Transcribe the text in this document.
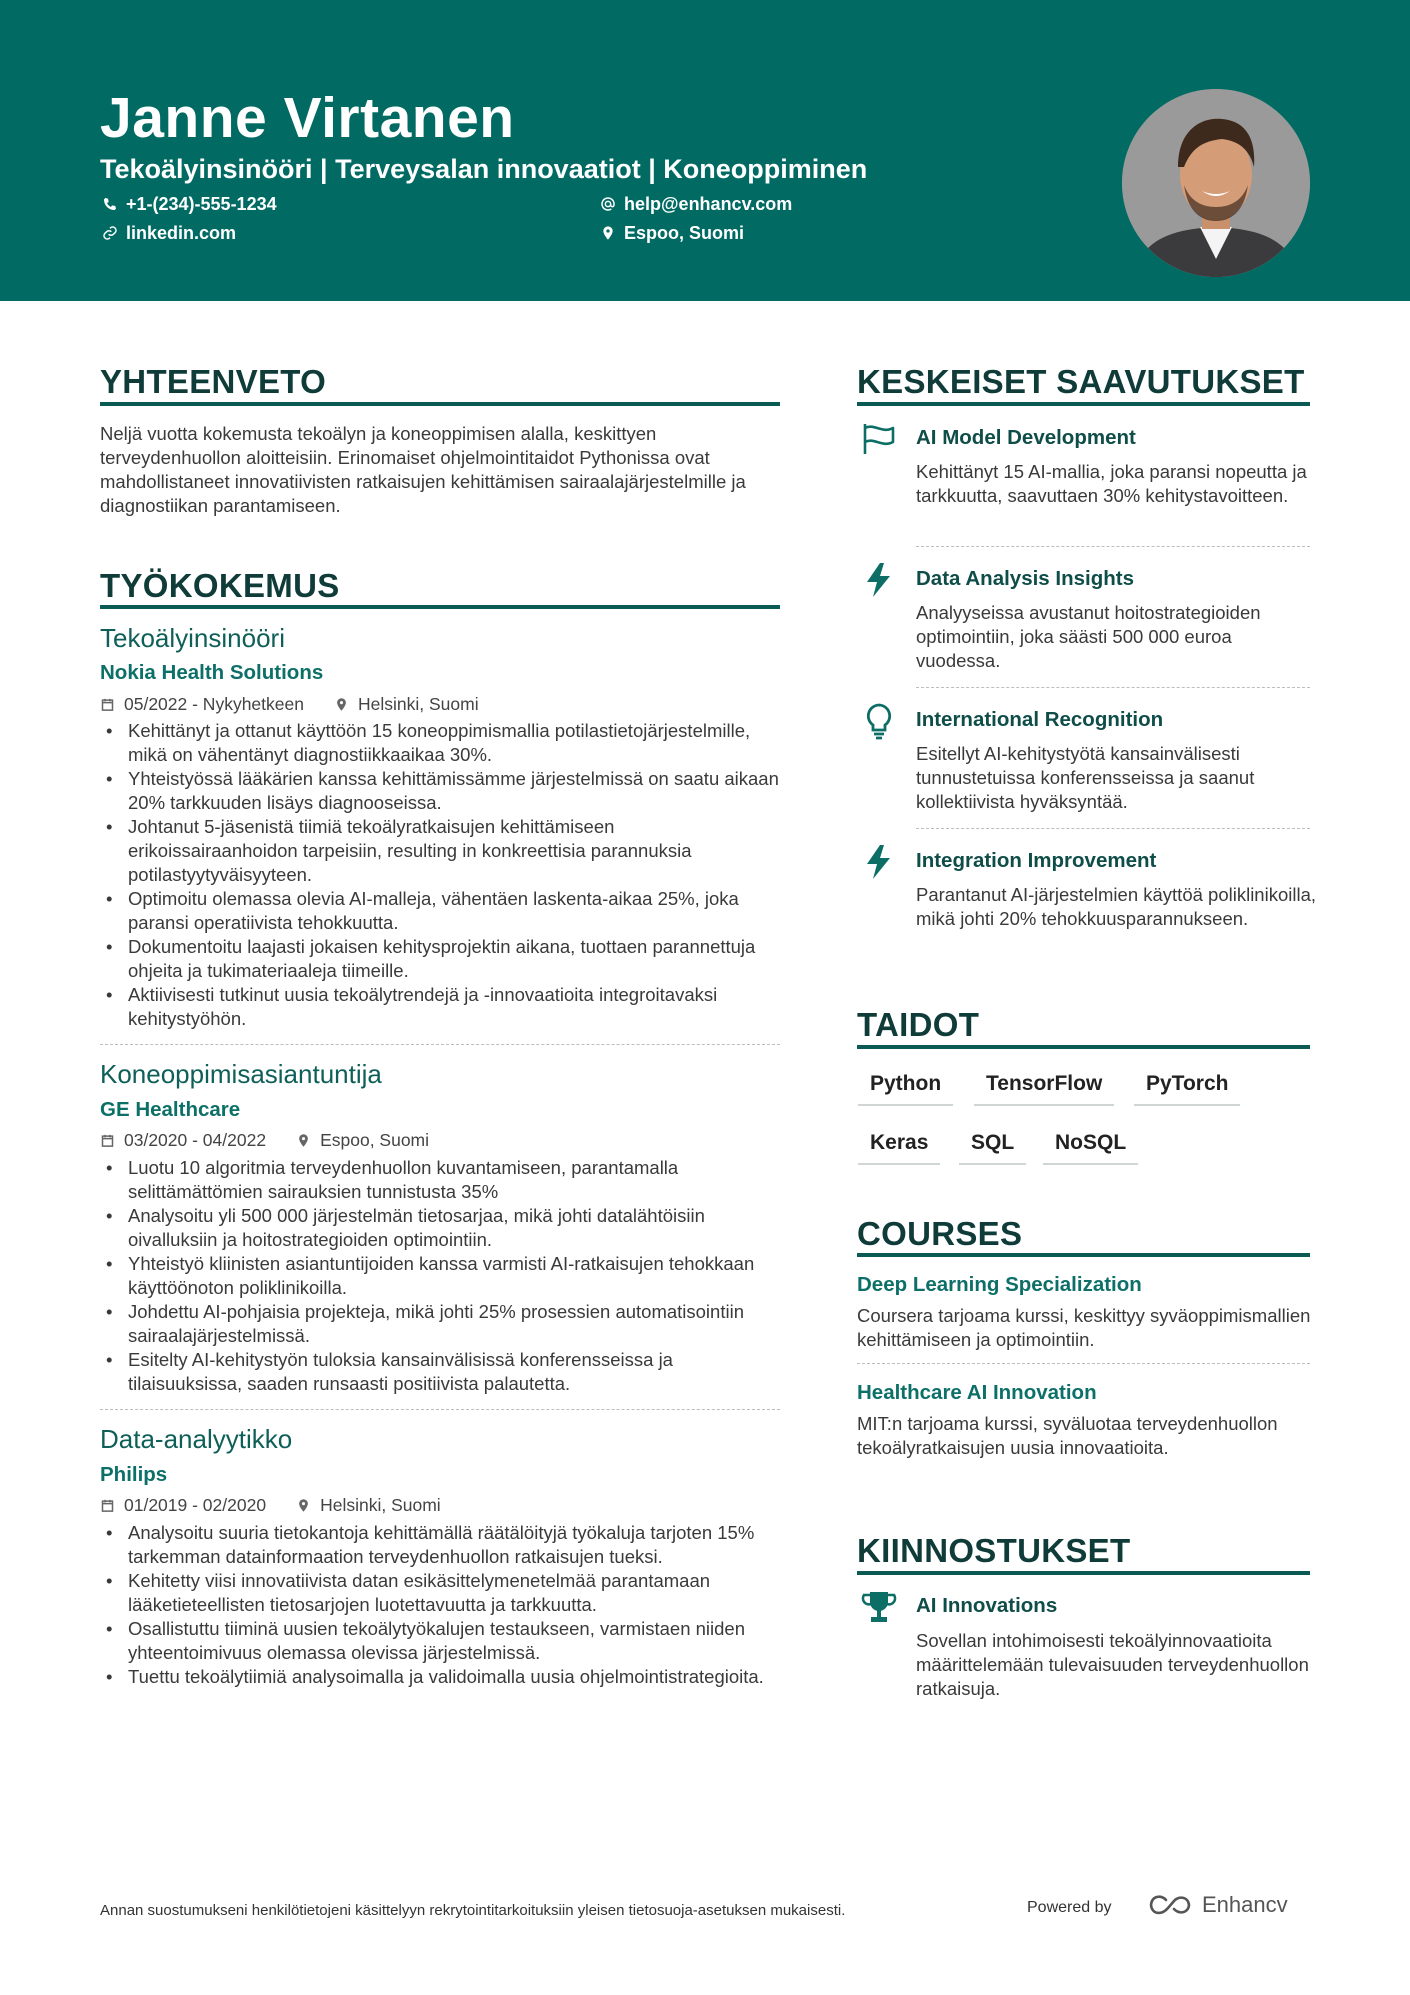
Janne Virtanen
Tekoälyinsinööri | Terveysalan innovaatiot | Koneoppiminen
+1-(234)-555-1234	help@enhancv.com
linkedin.com	Espoo, Suomi
YHTEENVETO
Neljä vuotta kokemusta tekoälyn ja koneoppimisen alalla, keskittyen terveydenhuollon aloitteisiin. Erinomaiset ohjelmointitaidot Pythonissa ovat mahdollistaneet innovatiivisten ratkaisujen kehittämisen sairaalajärjestelmille ja diagnostiikan parantamiseen.
TYÖKOKEMUS
Tekoälyinsinööri
Nokia Health Solutions
05/2022 - Nykyhetkeen	Helsinki, Suomi
• Kehittänyt ja ottanut käyttöön 15 koneoppimismallia potilastietojärjestelmille, mikä on vähentänyt diagnostiikkaaikaa 30%.
• Yhteistyössä lääkärien kanssa kehittämissämme järjestelmissä on saatu aikaan 20% tarkkuuden lisäys diagnooseissa.
• Johtanut 5-jäsenistä tiimiä tekoälyratkaisujen kehittämiseen erikoissairaanhoidon tarpeisiin, resulting in konkreettisia parannuksia potilastyytyväisyyteen.
• Optimoitu olemassa olevia AI-malleja, vähentäen laskenta-aikaa 25%, joka paransi operatiivista tehokkuutta.
• Dokumentoitu laajasti jokaisen kehitysprojektin aikana, tuottaen parannettuja ohjeita ja tukimateriaaleja tiimeille.
• Aktiivisesti tutkinut uusia tekoälytrendejä ja -innovaatioita integroitavaksi kehitystyöhön.
Koneoppimisasiantuntija
GE Healthcare
03/2020 - 04/2022	Espoo, Suomi
• Luotu 10 algoritmia terveydenhuollon kuvantamiseen, parantamalla selittämättömien sairauksien tunnistusta 35%
• Analysoitu yli 500 000 järjestelmän tietosarjaa, mikä johti datalähtöisiin oivalluksiin ja hoitostrategioiden optimointiin.
• Yhteistyö kliinisten asiantuntijoiden kanssa varmisti AI-ratkaisujen tehokkaan käyttöönoton poliklinikoilla.
• Johdettu AI-pohjaisia projekteja, mikä johti 25% prosessien automatisointiin sairaalajärjestelmissä.
• Esitelty AI-kehitystyön tuloksia kansainvälisissä konferensseissa ja tilaisuuksissa, saaden runsaasti positiivista palautetta.
Data-analyytikko
Philips
01/2019 - 02/2020	Helsinki, Suomi
• Analysoitu suuria tietokantoja kehittämällä räätälöityjä työkaluja tarjoten 15% tarkemman datainformaation terveydenhuollon ratkaisujen tueksi.
• Kehitetty viisi innovatiivista datan esikäsittelymenetelmää parantamaan lääketieteellisten tietosarjojen luotettavuutta ja tarkkuutta.
• Osallistuttu tiiminä uusien tekoälytyökalujen testaukseen, varmistaen niiden yhteentoimivuus olemassa olevissa järjestelmissä.
• Tuettu tekoälytiimiä analysoimalla ja validoimalla uusia ohjelmointistrategioita.
KESKEISET SAAVUTUKSET
AI Model Development
Kehittänyt 15 AI-mallia, joka paransi nopeutta ja tarkkuutta, saavuttaen 30% kehitystavoitteen.
Data Analysis Insights
Analyyseissa avustanut hoitostrategioiden optimointiin, joka säästi 500 000 euroa vuodessa.
International Recognition
Esitellyt AI-kehitystyötä kansainvälisesti tunnustetuissa konferensseissa ja saanut kollektiivista hyväksyntää.
Integration Improvement
Parantanut AI-järjestelmien käyttöä poliklinikoilla, mikä johti 20% tehokkuusparannukseen.
TAIDOT
Python	TensorFlow	PyTorch
Keras	SQL	NoSQL
COURSES
Deep Learning Specialization
Coursera tarjoama kurssi, keskittyy syväoppimismallien kehittämiseen ja optimointiin.
Healthcare AI Innovation
MIT:n tarjoama kurssi, syväluotaa terveydenhuollon tekoälyratkaisujen uusia innovaatioita.
KIINNOSTUKSET
AI Innovations
Sovellan intohimoisesti tekoälyinnovaatioita määrittelemään tulevaisuuden terveydenhuollon ratkaisuja.
Annan suostumukseni henkilötietojeni käsittelyyn rekrytointitarkoituksiin yleisen tietosuoja-asetuksen mukaisesti.	Powered by	Enhancv
